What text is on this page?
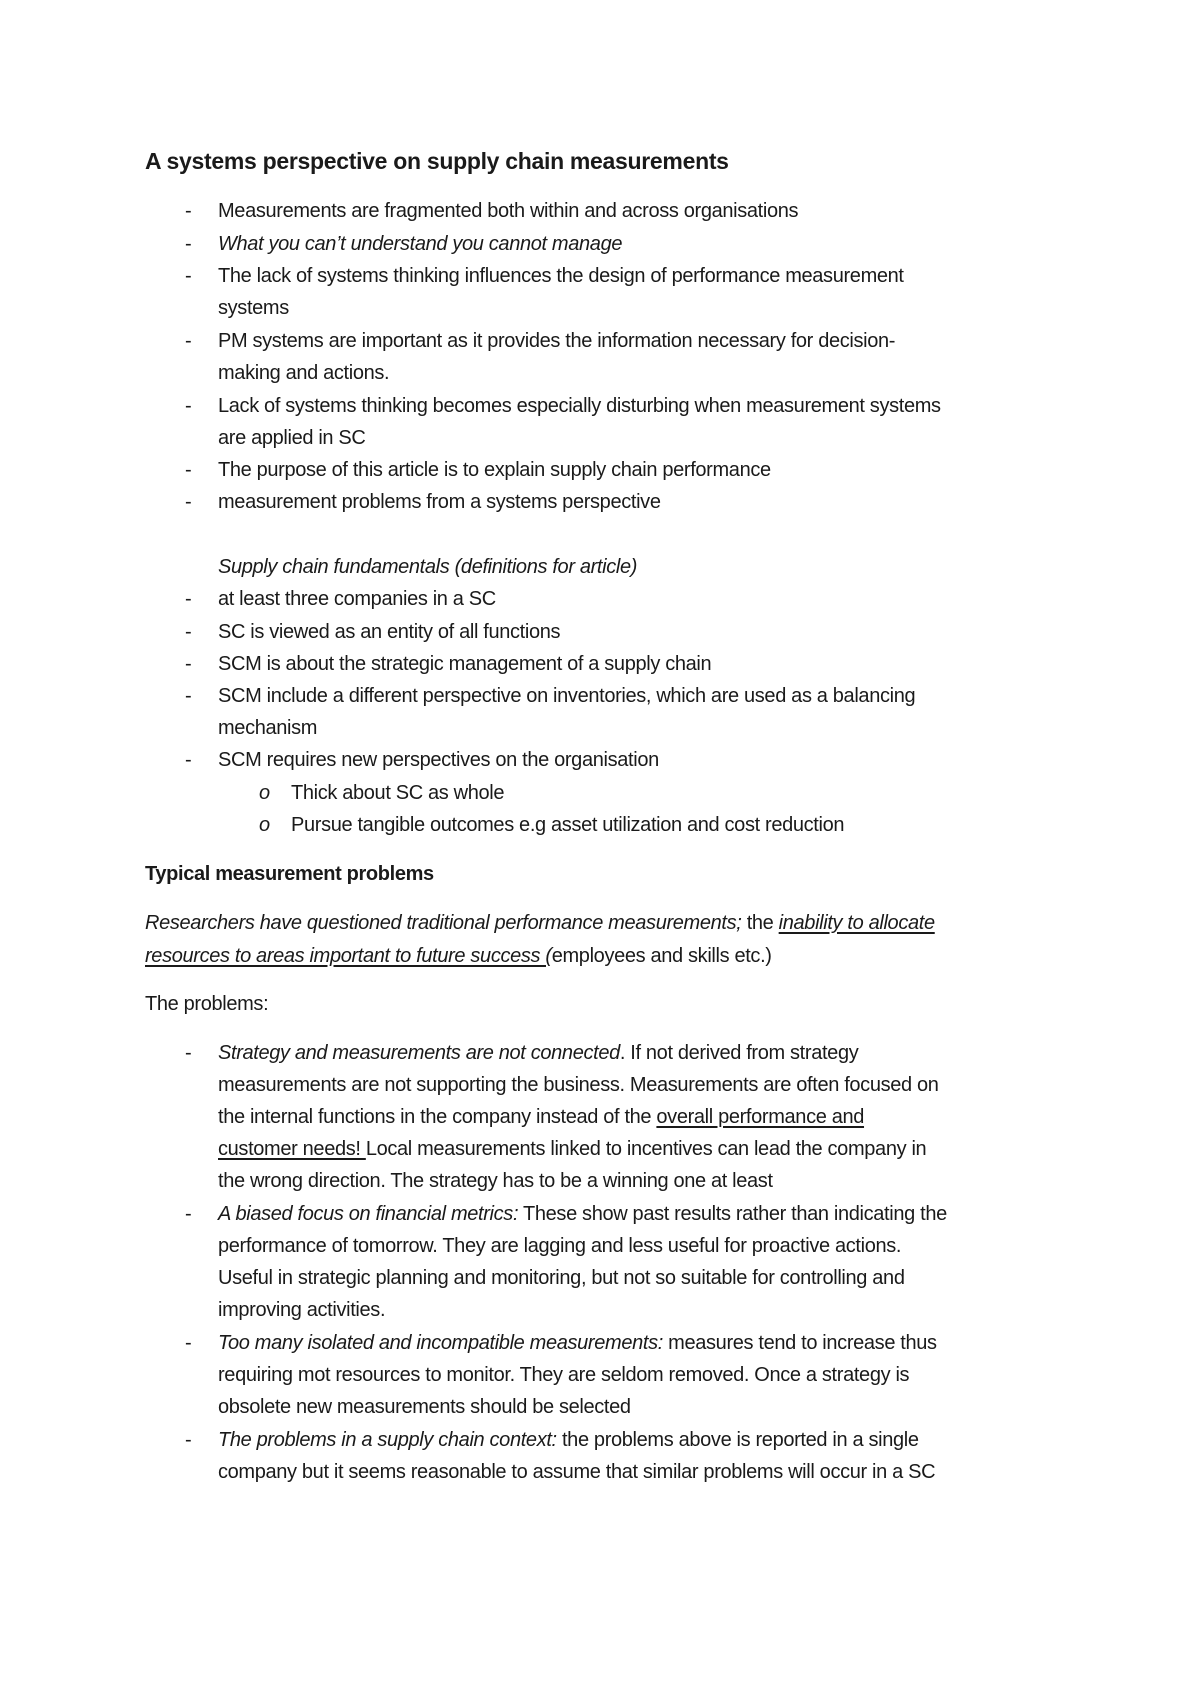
A systems perspective on supply chain measurements
- Measurements are fragmented both within and across organisations
- What you can’t understand you cannot manage
- The lack of systems thinking influences the design of performance measurement
systems
- PM systems are important as it provides the information necessary for decision-
making and actions.
- Lack of systems thinking becomes especially disturbing when measurement systems
are applied in SC
- The purpose of this article is to explain supply chain performance
- measurement problems from a systems perspective
Supply chain fundamentals (definitions for article)
- at least three companies in a SC
- SC is viewed as an entity of all functions
- SCM is about the strategic management of a supply chain
- SCM include a different perspective on inventories, which are used as a balancing
mechanism
- SCM requires new perspectives on the organisation
o Thick about SC as whole
o Pursue tangible outcomes e.g asset utilization and cost reduction
Typical measurement problems
Researchers have questioned traditional performance measurements; the inability to allocate
resources to areas important to future success (employees and skills etc.)
The problems:
- Strategy and measurements are not connected. If not derived from strategy
measurements are not supporting the business. Measurements are often focused on
the internal functions in the company instead of the overall performance and
customer needs! Local measurements linked to incentives can lead the company in
the wrong direction. The strategy has to be a winning one at least
- A biased focus on financial metrics: These show past results rather than indicating the
performance of tomorrow. They are lagging and less useful for proactive actions.
Useful in strategic planning and monitoring, but not so suitable for controlling and
improving activities.
- Too many isolated and incompatible measurements: measures tend to increase thus
requiring mot resources to monitor. They are seldom removed. Once a strategy is
obsolete new measurements should be selected
- The problems in a supply chain context: the problems above is reported in a single
company but it seems reasonable to assume that similar problems will occur in a SC
